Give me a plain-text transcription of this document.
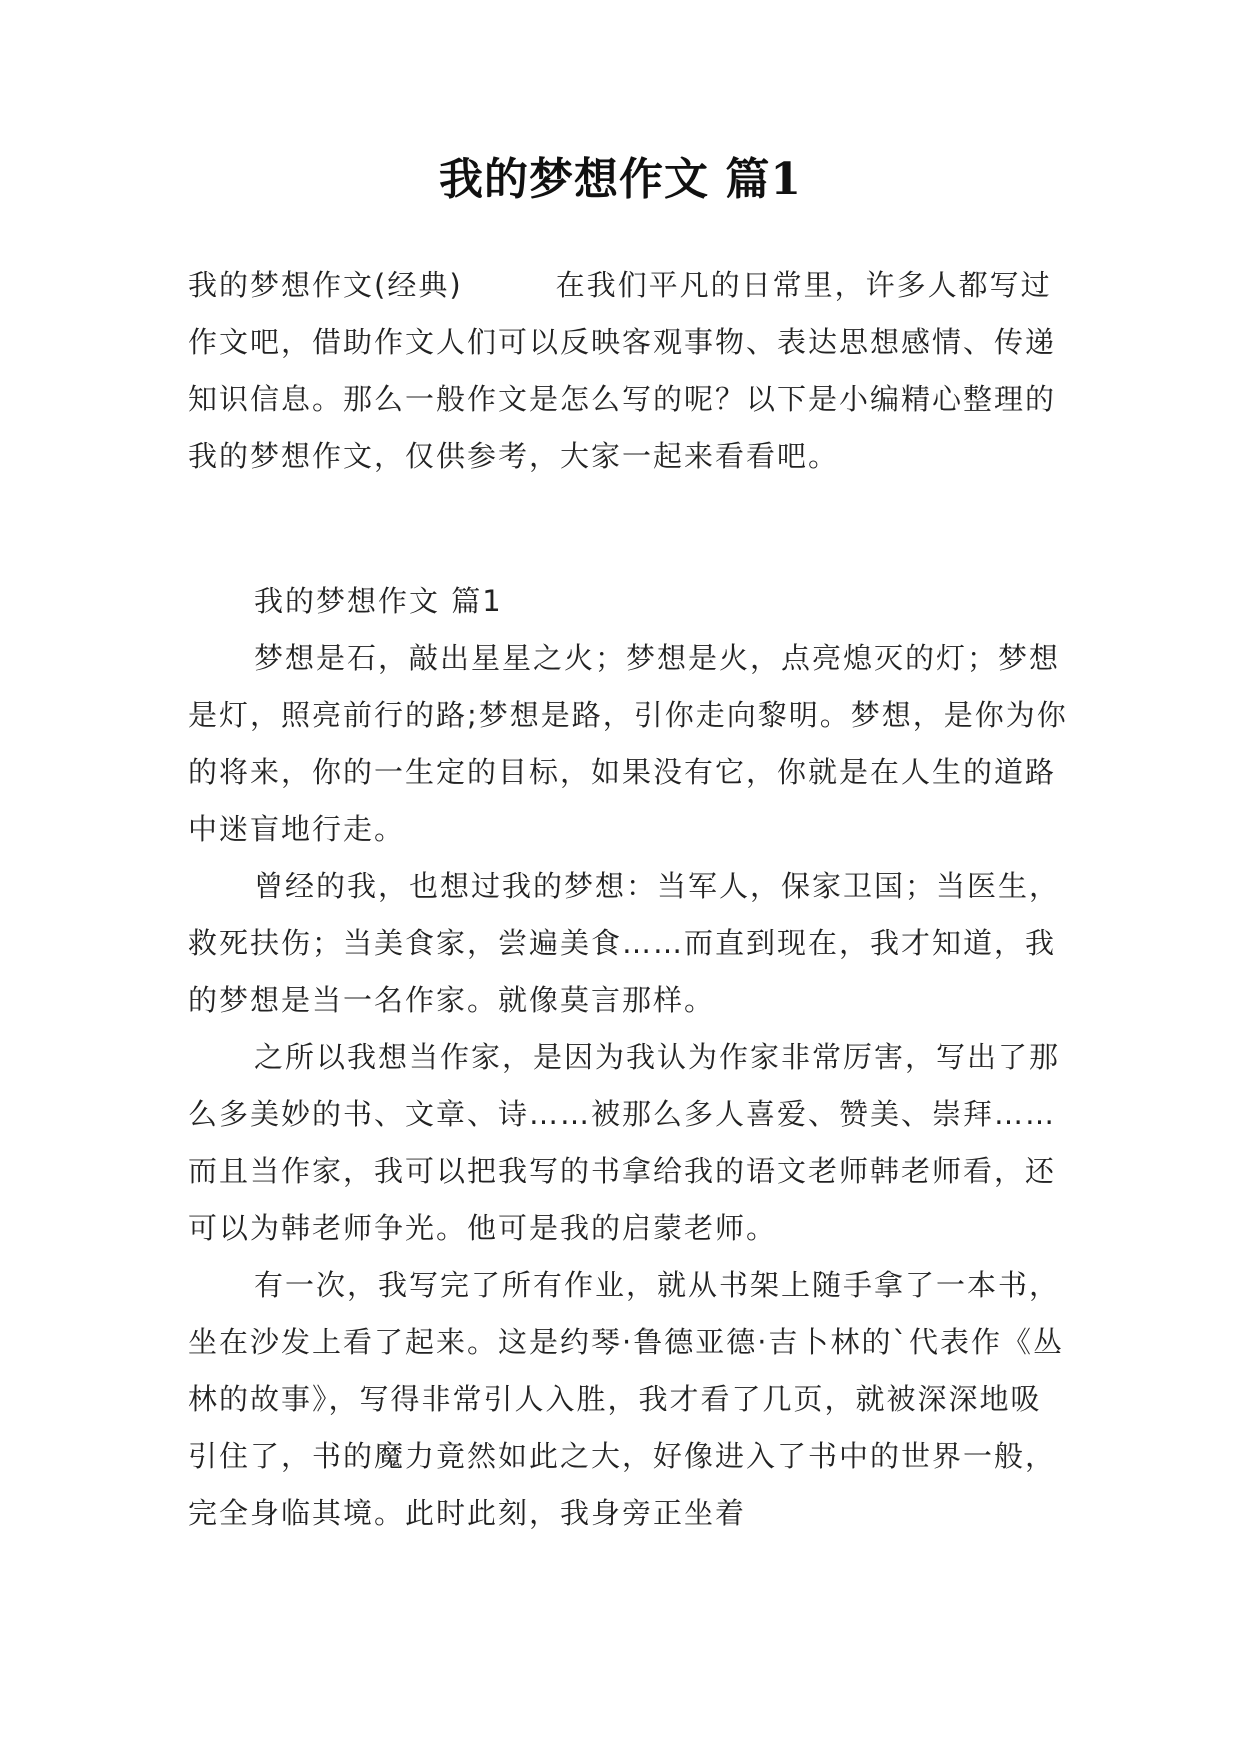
我的梦想作文 篇1

我的梦想作文(经典)　　　在我们平凡的日常里，许多人都写过作文吧，借助作文人们可以反映客观事物、表达思想感情、传递知识信息。那么一般作文是怎么写的呢？以下是小编精心整理的我的梦想作文，仅供参考，大家一起来看看吧。

我的梦想作文 篇1

梦想是石，敲出星星之火；梦想是火，点亮熄灭的灯；梦想是灯，照亮前行的路;梦想是路，引你走向黎明。梦想，是你为你的将来，你的一生定的目标，如果没有它，你就是在人生的道路中迷盲地行走。

曾经的我，也想过我的梦想：当军人，保家卫国；当医生，救死扶伤；当美食家，尝遍美食……而直到现在，我才知道，我的梦想是当一名作家。就像莫言那样。

之所以我想当作家，是因为我认为作家非常厉害，写出了那么多美妙的书、文章、诗……被那么多人喜爱、赞美、崇拜……而且当作家，我可以把我写的书拿给我的语文老师韩老师看，还可以为韩老师争光。他可是我的启蒙老师。

有一次，我写完了所有作业，就从书架上随手拿了一本书，坐在沙发上看了起来。这是约琴·鲁德亚德·吉卜林的`代表作《丛林的故事》，写得非常引人入胜，我才看了几页，就被深深地吸引住了，书的魔力竟然如此之大，好像进入了书中的世界一般，完全身临其境。此时此刻，我身旁正坐着
